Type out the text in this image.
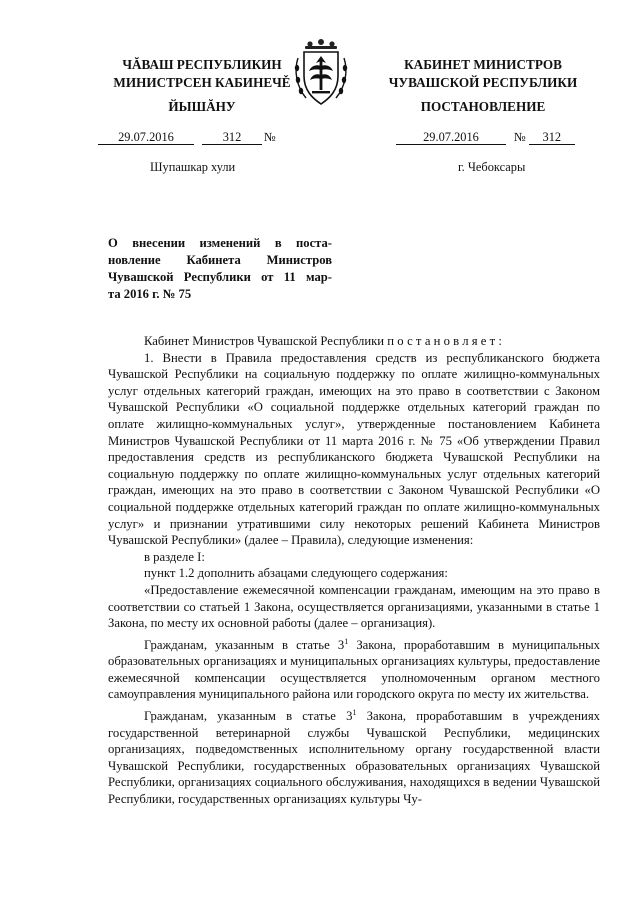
ЧĂВАШ РЕСПУБЛИКИН
МИНИСТРСЕН КАБИНЕЧĚ
ЙЫШĂНУ
КАБИНЕТ МИНИСТРОВ
ЧУВАШСКОЙ РЕСПУБЛИКИ
ПОСТАНОВЛЕНИЕ
29.07.2016	312 №	29.07.2016	№ 312
Шупашкар хули	г. Чебоксары
О внесении изменений в поста-
новление Кабинета Министров
Чувашской Республики от 11 мар-
та 2016 г. № 75

Кабинет Министров Чувашской Республики постановляет:

1. Внести в Правила предоставления средств из республиканского бюджета Чувашской Республики на социальную поддержку по оплате жилищно-коммунальных услуг отдельных категорий граждан, имеющих на это право в соответствии с Законом Чувашской Республики «О социальной поддержке отдельных категорий граждан по оплате жилищно-коммунальных услуг», утвержденные постановлением Кабинета Министров Чувашской Республики от 11 марта 2016 г. № 75 «Об утверждении Правил предоставления средств из республиканского бюджета Чувашской Республики на социальную поддержку по оплате жилищно-коммунальных услуг отдельных категорий граждан, имеющих на это право в соответствии с Законом Чувашской Республики «О социальной поддержке отдельных категорий граждан по оплате жилищно-коммунальных услуг» и признании утратившими силу некоторых решений Кабинета Министров Чувашской Республики» (далее – Правила), следующие изменения:

в разделе I:

пункт 1.2 дополнить абзацами следующего содержания:

«Предоставление ежемесячной компенсации гражданам, имеющим на это право в соответствии со статьей 1 Закона, осуществляется организациями, указанными в статье 1 Закона, по месту их основной работы (далее – организация).

Гражданам, указанным в статье $3^1$ Закона, проработавшим в муниципальных образовательных организациях и муниципальных организациях культуры, предоставление ежемесячной компенсации осуществляется уполномоченным органом местного самоуправления муниципального района или городского округа по месту их жительства.

Гражданам, указанным в статье $3^1$ Закона, проработавшим в учреждениях государственной ветеринарной службы Чувашской Республики, медицинских организациях, подведомственных исполнительному органу государственной власти Чувашской Республики, государственных образовательных организациях Чувашской Республики, организациях социального обслуживания, находящихся в ведении Чувашской Республики, государственных организациях культуры Чу-
